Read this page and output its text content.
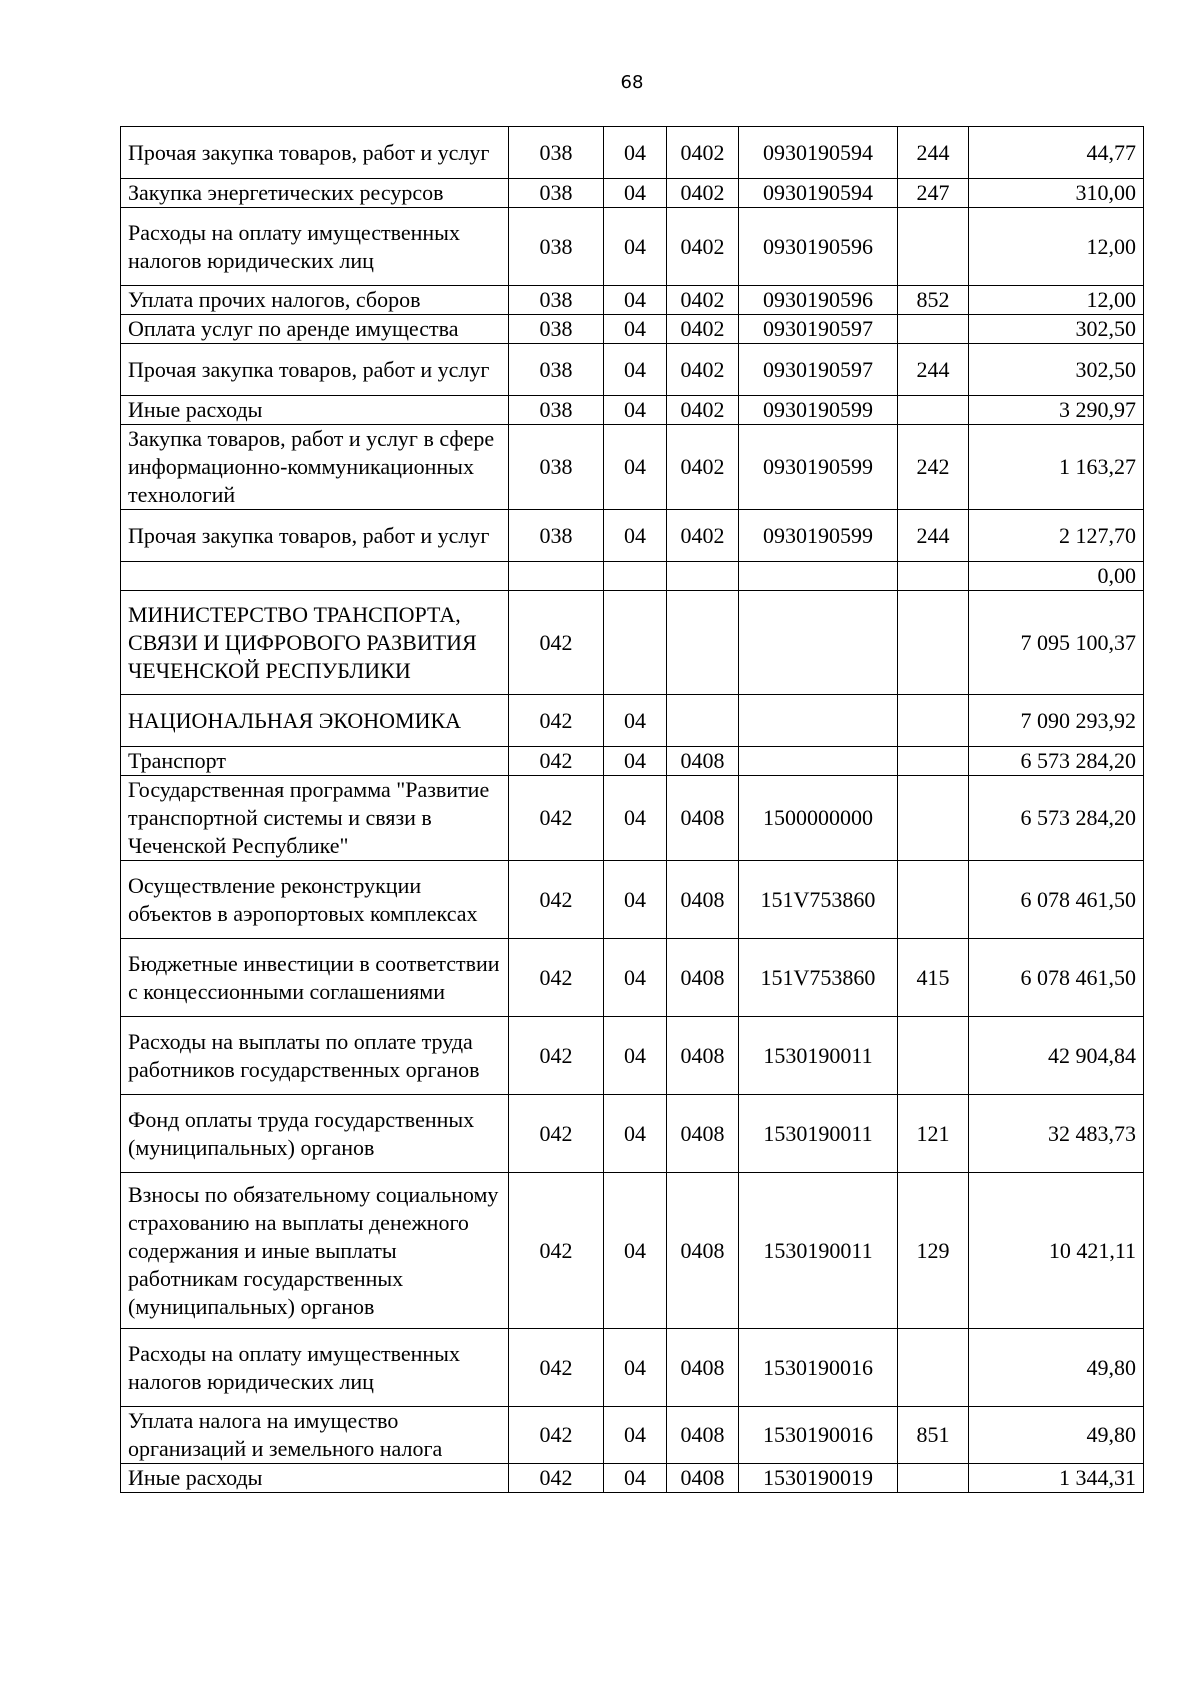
68
Прочая закупка товаров, работ и услуг	038	04	0402	0930190594	244	44,77
Закупка энергетических ресурсов	038	04	0402	0930190594	247	310,00
Расходы на оплату имущественных налогов юридических лиц	038	04	0402	0930190596		12,00
Уплата прочих налогов, сборов	038	04	0402	0930190596	852	12,00
Оплата услуг по аренде имущества	038	04	0402	0930190597		302,50
Прочая закупка товаров, работ и услуг	038	04	0402	0930190597	244	302,50
Иные расходы	038	04	0402	0930190599		3 290,97
Закупка товаров, работ и услуг в сфере информационно-коммуникационных технологий	038	04	0402	0930190599	242	1 163,27
Прочая закупка товаров, работ и услуг	038	04	0402	0930190599	244	2 127,70
						0,00
МИНИСТЕРСТВО ТРАНСПОРТА, СВЯЗИ И ЦИФРОВОГО РАЗВИТИЯ ЧЕЧЕНСКОЙ РЕСПУБЛИКИ	042					7 095 100,37
НАЦИОНАЛЬНАЯ ЭКОНОМИКА	042	04				7 090 293,92
Транспорт	042	04	0408			6 573 284,20
Государственная программа "Развитие транспортной системы и связи в Чеченской Республике"	042	04	0408	1500000000		6 573 284,20
Осуществление реконструкции объектов в аэропортовых комплексах	042	04	0408	151V753860		6 078 461,50
Бюджетные инвестиции в соответствии с концессионными соглашениями	042	04	0408	151V753860	415	6 078 461,50
Расходы на выплаты по оплате труда работников государственных органов	042	04	0408	1530190011		42 904,84
Фонд оплаты труда государственных (муниципальных) органов	042	04	0408	1530190011	121	32 483,73
Взносы по обязательному социальному страхованию на выплаты денежного содержания и иные выплаты работникам государственных (муниципальных) органов	042	04	0408	1530190011	129	10 421,11
Расходы на оплату имущественных налогов юридических лиц	042	04	0408	1530190016		49,80
Уплата налога на имущество организаций и земельного налога	042	04	0408	1530190016	851	49,80
Иные расходы	042	04	0408	1530190019		1 344,31
